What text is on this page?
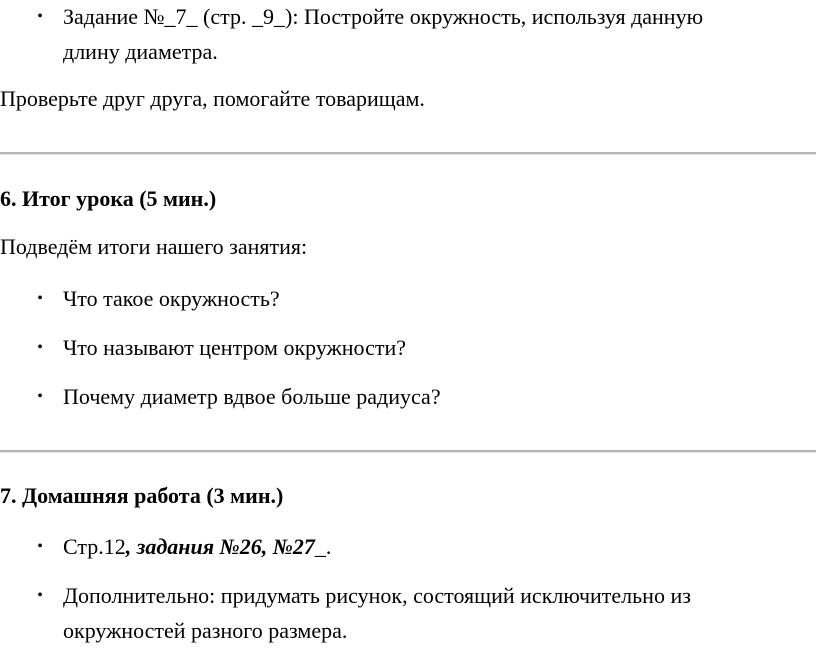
• Задание №_7_ (стр. _9_): Постройте окружность, используя данную
длину диаметра.
Проверьте друг друга, помогайте товарищам.
6. Итог урока (5 мин.)
Подведём итоги нашего занятия:
• Что такое окружность?
• Что называют центром окружности?
• Почему диаметр вдвое больше радиуса?
7. Домашняя работа (3 мин.)
• Стр.12, задания №26, №27_.
• Дополнительно: придумать рисунок, состоящий исключительно из
окружностей разного размера.
